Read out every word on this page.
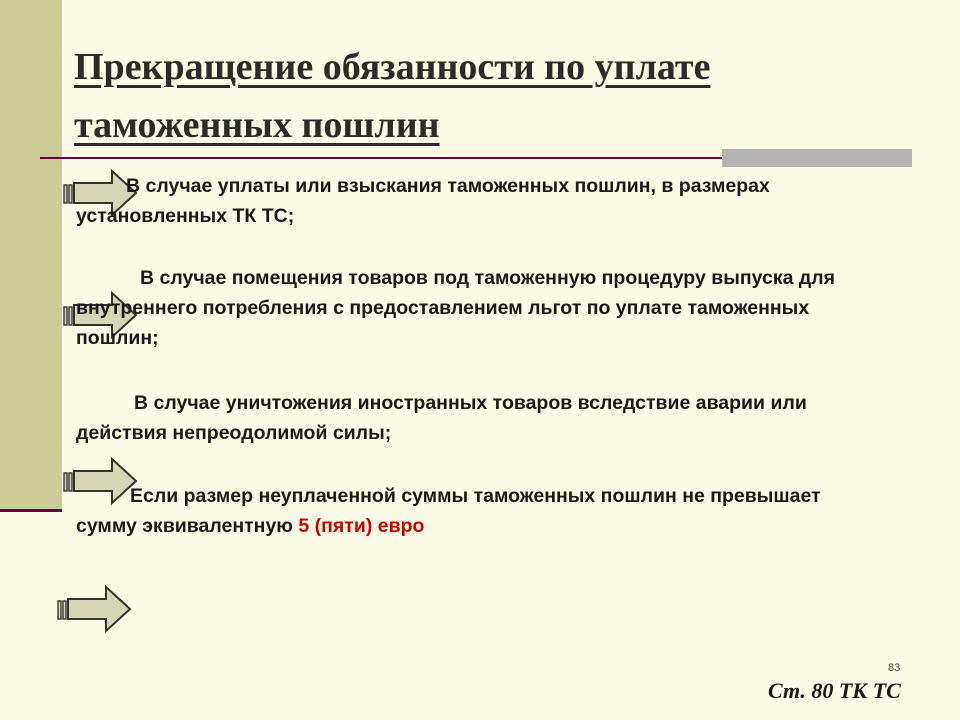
Прекращение обязанности по уплате таможенных пошлин

В случае уплаты или взыскания таможенных пошлин, в размерах установленных ТК ТС;

В случае помещения товаров под таможенную процедуру выпуска для внутреннего потребления с предоставлением льгот по уплате таможенных пошлин;

В случае уничтожения иностранных товаров вследствие аварии или действия непреодолимой силы;

Если размер неуплаченной суммы таможенных пошлин не превышает сумму эквивалентную 5 (пяти) евро

83
Ст. 80 ТК ТС
